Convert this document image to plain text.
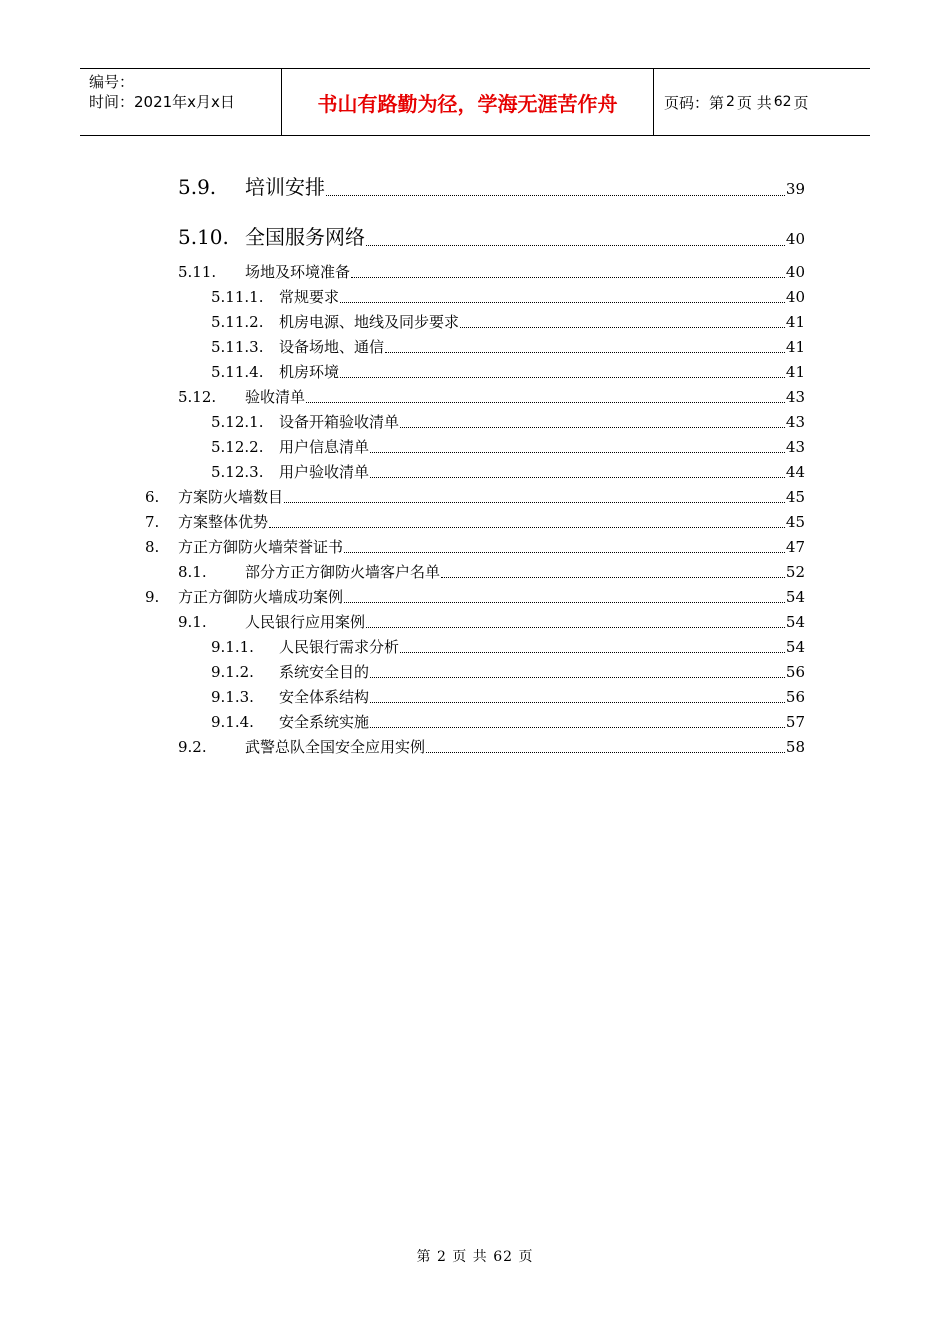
编号：
时间：2021年x月x日	书山有路勤为径，学海无涯苦作舟	页码：第 2 页 共 62 页
5.9.	培训安排	39
5.10. 全国服务网络	40
5.11.	场地及环境准备	40
5.11.1.	常规要求	40
5.11.2.	机房电源、地线及同步要求	41
5.11.3.	设备场地、通信	41
5.11.4.	机房环境	41
5.12.	验收清单	43
5.12.1.	设备开箱验收清单	43
5.12.2.	用户信息清单	43
5.12.3.	用户验收清单	44
6.	方案防火墙数目	45
7.	方案整体优势	45
8.	方正方御防火墙荣誉证书	47
8.1.	部分方正方御防火墙客户名单	52
9.	方正方御防火墙成功案例	54
9.1.	人民银行应用案例	54
9.1.1.	人民银行需求分析	54
9.1.2.	系统安全目的	56
9.1.3.	安全体系结构	56
9.1.4.	安全系统实施	57
9.2.	武警总队全国安全应用实例	58
第 2 页 共 62 页
